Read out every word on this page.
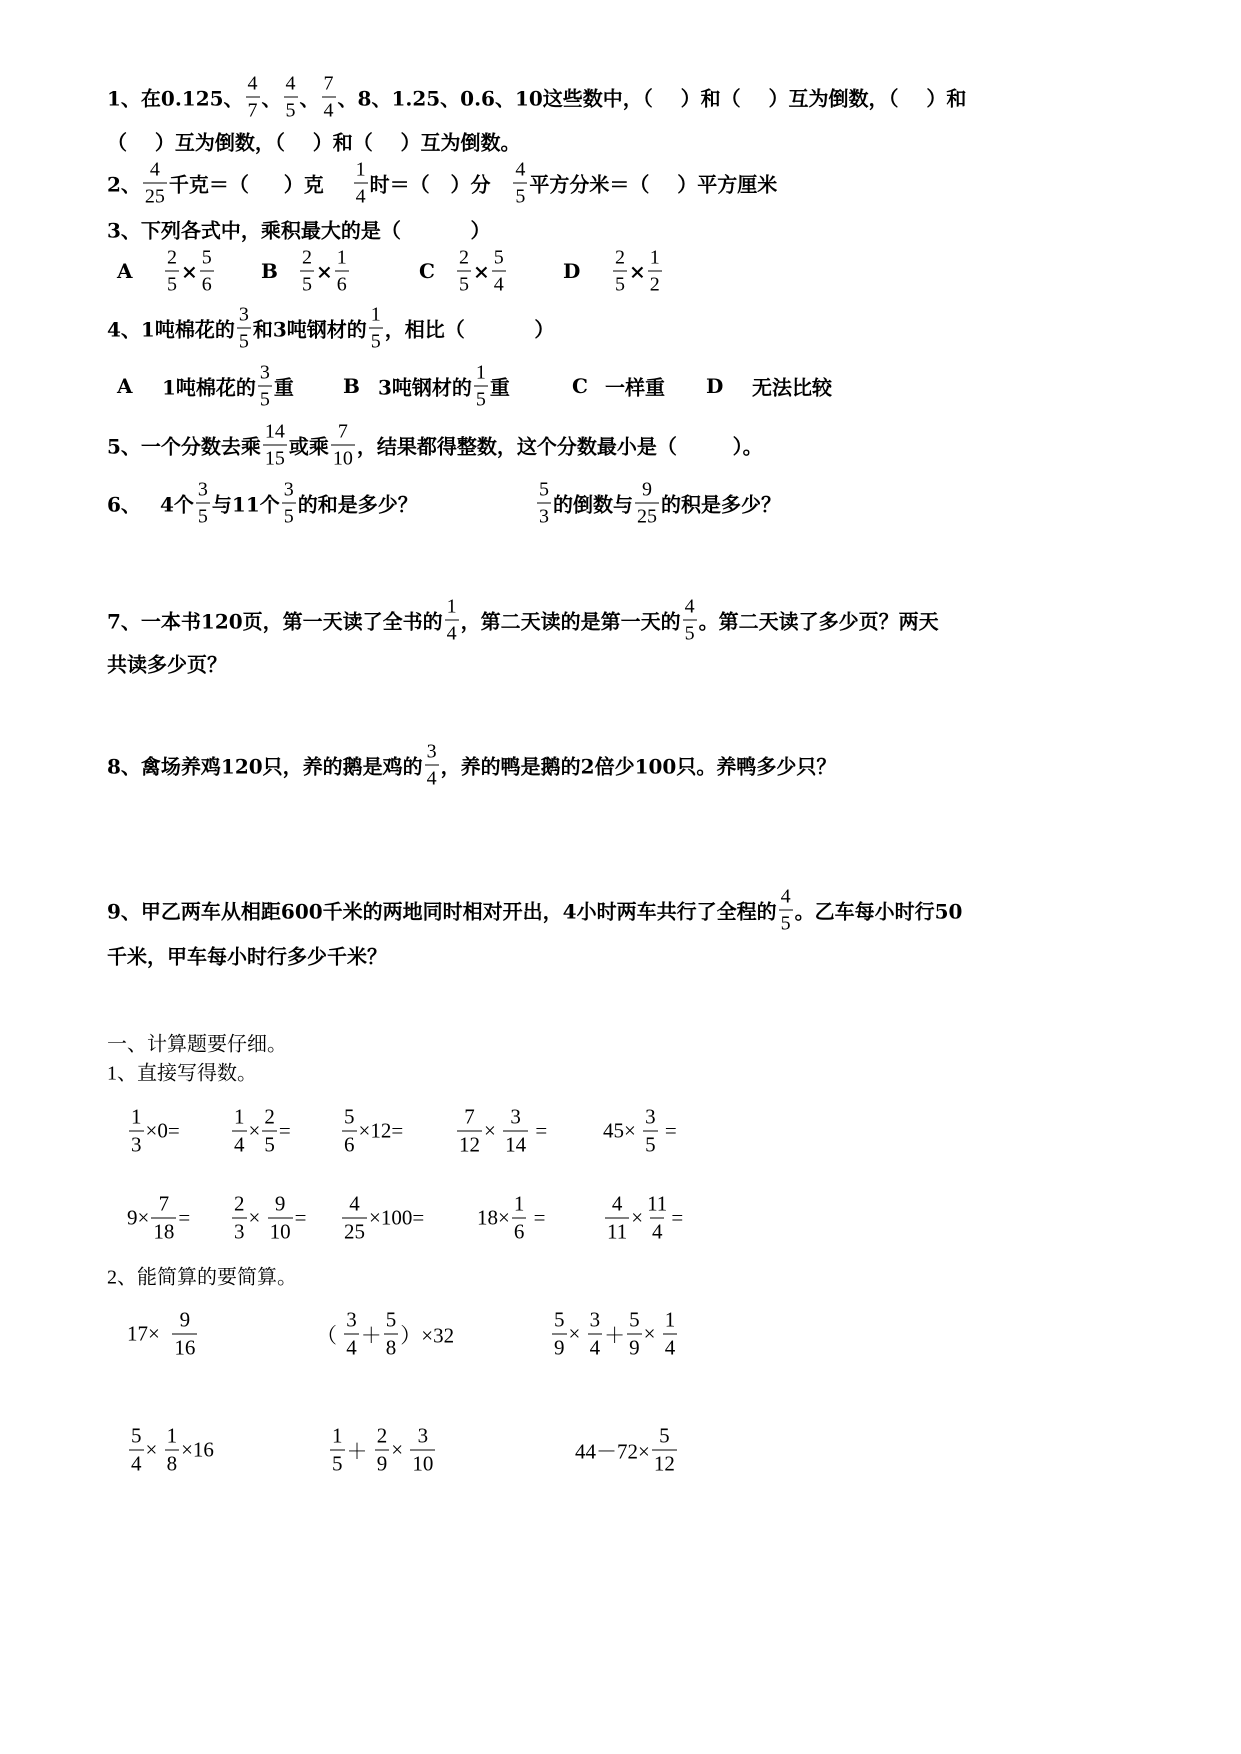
1、在0.125、 $\frac{4}{7}$ 、 $\frac{4}{5}$ 、 $\frac{7}{4}$ 、8、1.25、0.6、10这些数中，（    ）和（    ）互为倒数，（    ）和
（    ）互为倒数，（    ）和（    ）互为倒数。
2、 $\frac{4}{25}$ 千克＝（     ）克 $\frac{1}{4}$ 时＝（   ）分 $\frac{4}{5}$ 平方分米＝（    ）平方厘米
3、下列各式中，乘积最大的是（          ）
4、1吨棉花的 $\frac{3}{5}$ 和3吨钢材的 $\frac{1}{5}$ ，相比（          ）
5、一个分数去乘 $\frac{14}{15}$ 或乘 $\frac{7}{10}$ ，结果都得整数，这个分数最小是（        ）。
7、一本书120页，第一天读了全书的 $\frac{1}{4}$ ，第二天读的是第一天的 $\frac{4}{5}$ 。第二天读了多少页？两天
共读多少页？
8、禽场养鸡120只，养的鹅是鸡的 $\frac{3}{4}$ ，养的鸭是鹅的2倍少100只。养鸭多少只？
9、甲乙两车从相距600千米的两地同时相对开出，4小时两车共行了全程的 $\frac{4}{5}$ 。乙车每小时行50
千米，甲车每小时行多少千米？
一、计算题要仔细。
1、直接写得数。
2、能简算的要简算。
A $\frac{2}{5} \times \frac{5}{6}$ B $\frac{2}{5} \times \frac{1}{6}$	C $\frac{2}{5} \times \frac{5}{4}$	D $\frac{2}{5} \times \frac{1}{2}$
A 1吨棉花的 $\frac{3}{5}$ 重 B 3吨钢材的 $\frac{1}{5}$ 重	C 一样重 D 无法比较
6、 4个 $\frac{3}{5}$ 与11个 $\frac{3}{5}$ 的和是多少？	$\frac{5}{3}$ 的倒数与 $\frac{9}{25}$ 的积是多少？
$\frac{1}{3} \times 0= \frac{1}{4} \times \frac{2}{5} = \frac{5}{6} \times 12=$	$\frac{7}{12} \times \frac{3}{14}$ =	$45\times \frac{3}{5}$ =
$9\times \frac{7}{18} = \frac{2}{3} \times \frac{9}{10} = \frac{4}{25} \times 100=$	$18\times \frac{1}{6}$ =	$\frac{4}{11} \times \frac{11}{4}$ =
$17\times \frac{9}{16}$	（ $\frac{3}{4} + \frac{5}{8} )\times 32$	$\frac{5}{9} \times \frac{3}{4} + \frac{5}{9} \times \frac{1}{4}$
$\frac{5}{4} \times \frac{1}{8} \times 16$	$\frac{1}{5} + \frac{2}{9} \times \frac{3}{10}$	$44-72\times \frac{5}{12}$
